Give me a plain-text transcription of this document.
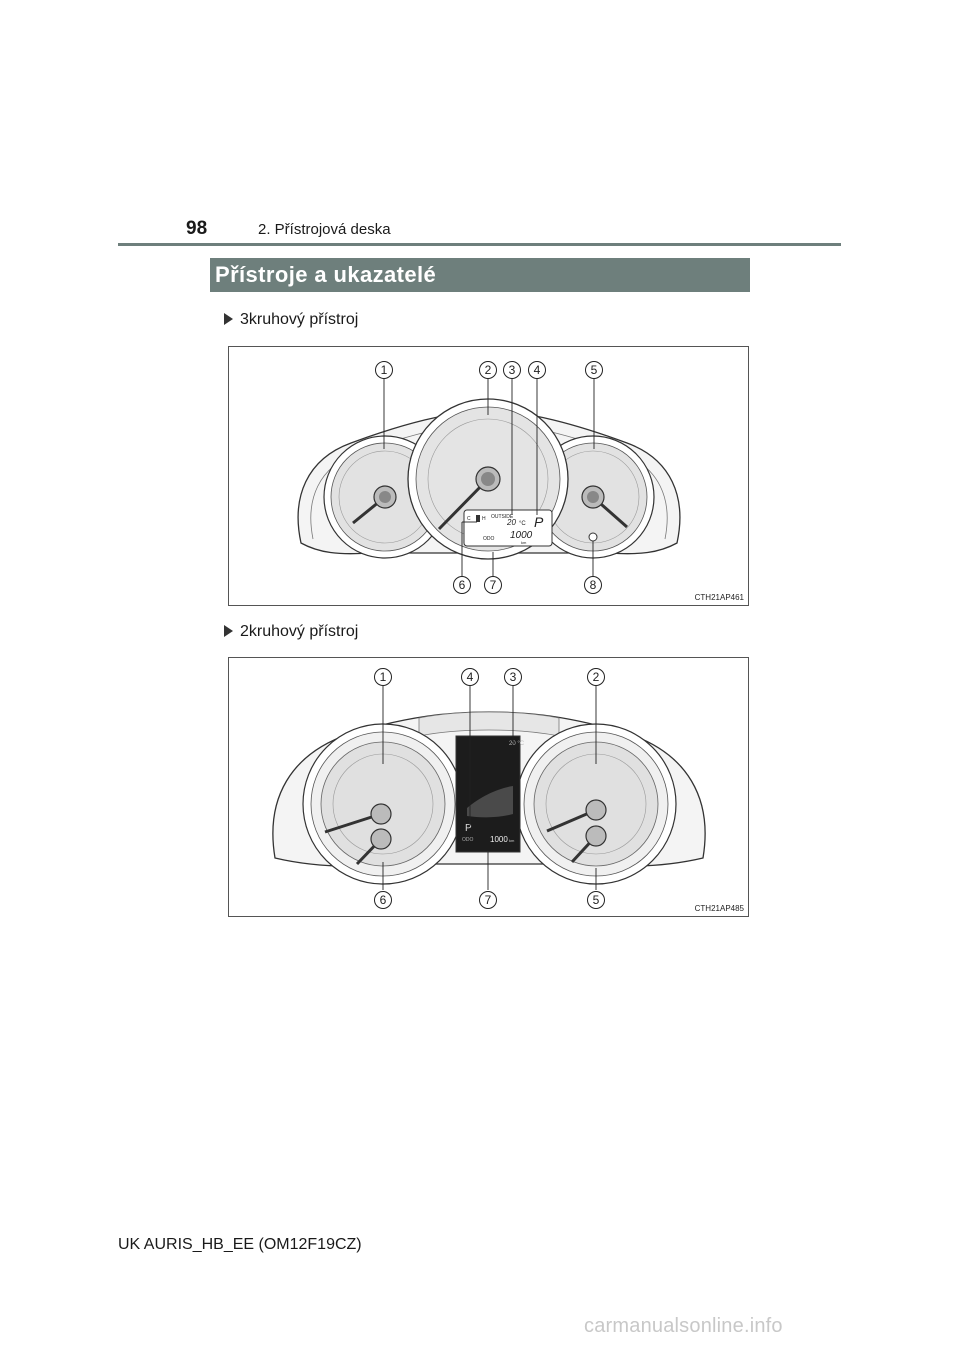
98	2. Přístrojová deska
Přístroje a ukazatelé
3kruhový přístroj
C H OUTSIDE
20 °C P
ODO 1000
km
1	2 3 4	5
6 7	8
CTH21AP461
2kruhový přístroj
20 °C
P
ODO 1000 km
1	4	3	2
6	7	5
CTH21AP485
UK AURIS_HB_EE (OM12F19CZ)
carmanualsonline.info
